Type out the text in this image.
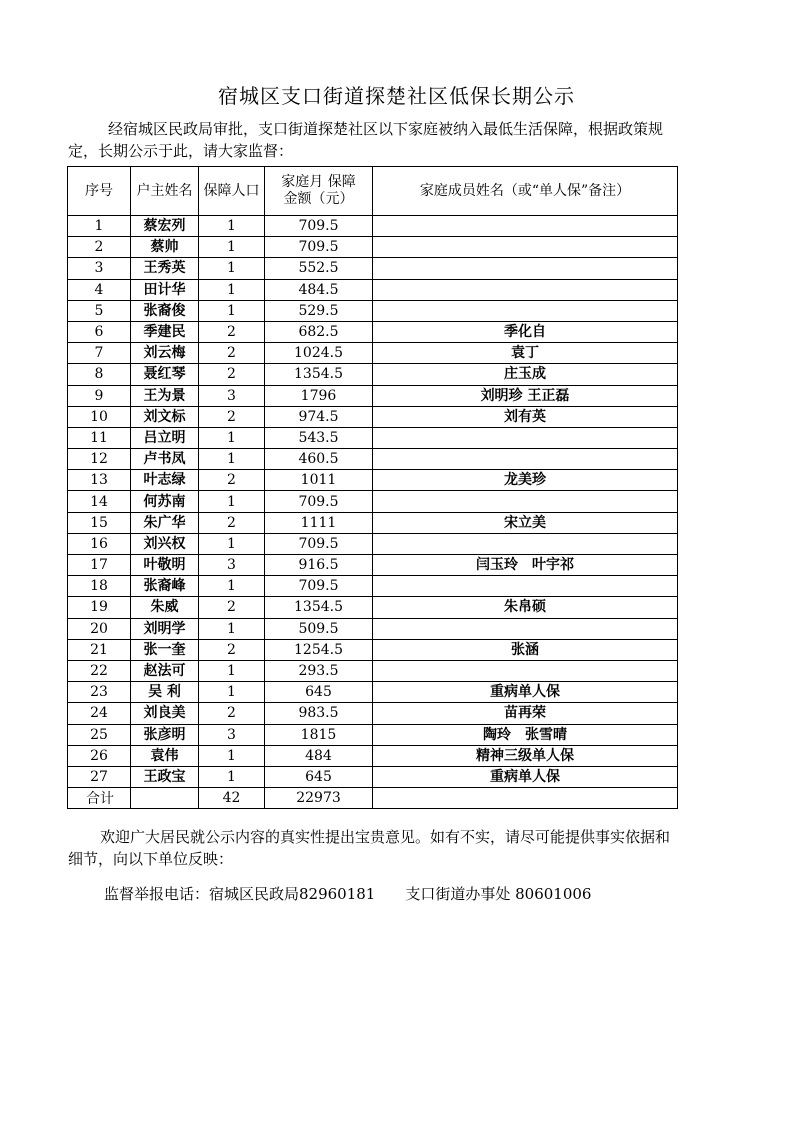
宿城区支口街道探楚社区低保长期公示
经宿城区民政局审批，支口街道探楚社区以下家庭被纳入最低生活保障，根据政策规定，长期公示于此，请大家监督：
序号	户主姓名	保障人口	家庭月 保障金额（元）	家庭成员姓名（或“单人保”备注）
1	蔡宏列	1	709.5	
2	蔡帅	1	709.5	
3	王秀英	1	552.5	
4	田计华	1	484.5	
5	张裔俊	1	529.5	
6	季建民	2	682.5	季化自
7	刘云梅	2	1024.5	袁丁
8	聂红琴	2	1354.5	庄玉成
9	王为景	3	1796	刘明珍 王正磊
10	刘文标	2	974.5	刘有英
11	吕立明	1	543.5	
12	卢书凤	1	460.5	
13	叶志绿	2	1011	龙美珍
14	何苏南	1	709.5	
15	朱广华	2	1111	宋立美
16	刘兴权	1	709.5	
17	叶敬明	3	916.5	闫玉玲　叶宇祁
18	张裔峰	1	709.5	
19	朱威	2	1354.5	朱帛硕
20	刘明学	1	509.5	
21	张一奎	2	1254.5	张涵
22	赵法可	1	293.5	
23	吴 利	1	645	重病单人保
24	刘良美	2	983.5	苗再荣
25	张彦明	3	1815	陶玲　张雪晴
26	袁伟	1	484	精神三级单人保
27	王政宝	1	645	重病单人保
合计		42	22973	
欢迎广大居民就公示内容的真实性提出宝贵意见。如有不实，请尽可能提供事实依据和细节，向以下单位反映：
监督举报电话：宿城区民政局82960181　　支口街道办事处 80601006
